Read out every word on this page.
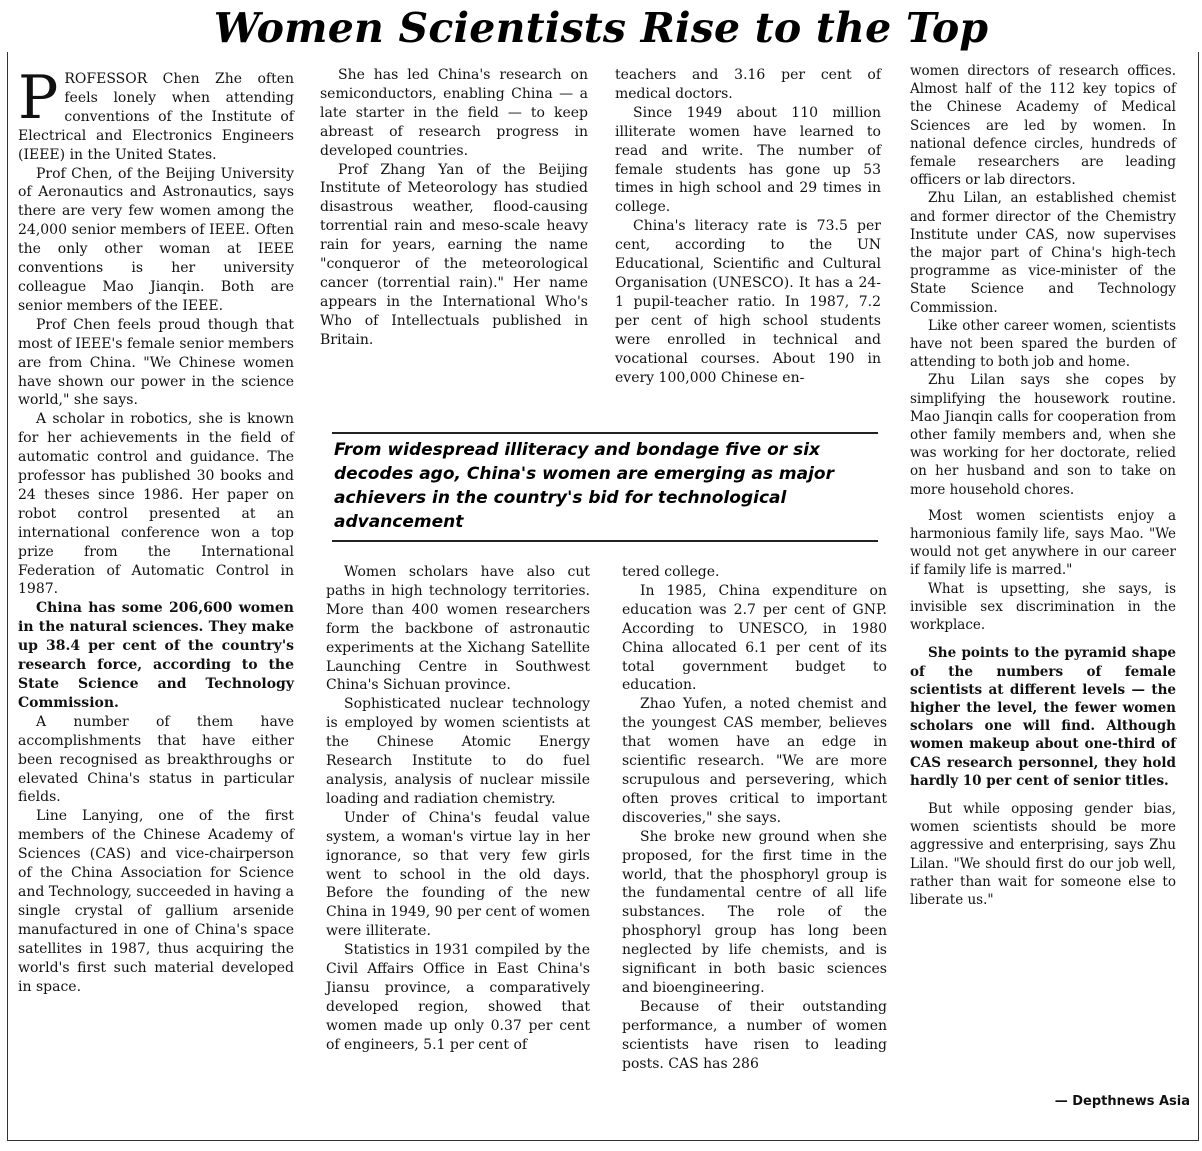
Women Scientists Rise to the Top
P ROFESSOR Chen Zhe often feels lonely when attending conventions of the Institute of Electrical and Electronics Engineers (IEEE) in the United States.

Prof Chen, of the Beijing University of Aeronautics and Astronautics, says there are very few women among the 24,000 senior members of IEEE. Often the only other woman at IEEE conventions is her university colleague Mao Jianqin. Both are senior members of the IEEE.

Prof Chen feels proud though that most of IEEE's female senior members are from China. "We Chinese women have shown our power in the science world," she says.

A scholar in robotics, she is known for her achievements in the field of automatic control and guidance. The professor has published 30 books and 24 theses since 1986. Her paper on robot control presented at an international conference won a top prize from the International Federation of Automatic Control in 1987.

China has some 206,600 women in the natural sciences. They make up 38.4 per cent of the country's research force, according to the State Science and Technology Commission.

A number of them have accomplishments that have either been recognised as breakthroughs or elevated China's status in particular fields.

Line Lanying, one of the first members of the Chinese Academy of Sciences (CAS) and vice-chairperson of the China Association for Science and Technology, succeeded in having a single crystal of gallium arsenide manufactured in one of China's space satellites in 1987, thus acquiring the world's first such material developed in space.

She has led China's research on semiconductors, enabling China — a late starter in the field — to keep abreast of research progress in developed countries.

Prof Zhang Yan of the Beijing Institute of Meteorology has studied disastrous weather, flood-causing torrential rain and meso-scale heavy rain for years, earning the name "conqueror of the meteorological cancer (torrential rain)." Her name appears in the International Who's Who of Intellectuals published in Britain.

teachers and 3.16 per cent of medical doctors.

Since 1949 about 110 million illiterate women have learned to read and write. The number of female students has gone up 53 times in high school and 29 times in college.

China's literacy rate is 73.5 per cent, according to the UN Educational, Scientific and Cultural Organisation (UNESCO). It has a 24-1 pupil-teacher ratio. In 1987, 7.2 per cent of high school students were enrolled in technical and vocational courses. About 190 in every 100,000 Chinese en-

From widespread illiteracy and bondage five or six decodes ago, China's women are emerging as major achievers in the country's bid for technological advancement

women directors of research offices. Almost half of the 112 key topics of the Chinese Academy of Medical Sciences are led by women. In national defence circles, hundreds of female researchers are leading officers or lab directors.

Zhu Lilan, an established chemist and former director of the Chemistry Institute under CAS, now supervises the major part of China's high-tech programme as vice-minister of the State Science and Technology Commission.

Like other career women, scientists have not been spared the burden of attending to both job and home.

Zhu Lilan says she copes by simplifying the housework routine. Mao Jianqin calls for cooperation from other family members and, when she was working for her doctorate, relied on her husband and son to take on more household chores.

Most women scientists enjoy a harmonious family life, says Mao. "We would not get anywhere in our career if family life is marred."

What is upsetting, she says, is invisible sex discrimination in the workplace.

She points to the pyramid shape of the numbers of female scientists at different levels — the higher the level, the fewer women scholars one will find. Although women makeup about one-third of CAS research personnel, they hold hardly 10 per cent of senior titles.

But while opposing gender bias, women scientists should be more aggressive and enterprising, says Zhu Lilan. "We should first do our job well, rather than wait for someone else to liberate us."

Women scholars have also cut paths in high technology territories. More than 400 women researchers form the backbone of astronautic experiments at the Xichang Satellite Launching Centre in Southwest China's Sichuan province.

Sophisticated nuclear technology is employed by women scientists at the Chinese Atomic Energy Research Institute to do fuel analysis, analysis of nuclear missile loading and radiation chemistry.

Under of China's feudal value system, a woman's virtue lay in her ignorance, so that very few girls went to school in the old days. Before the founding of the new China in 1949, 90 per cent of women were illiterate.

Statistics in 1931 compiled by the Civil Affairs Office in East China's Jiansu province, a comparatively developed region, showed that women made up only 0.37 per cent of engineers, 5.1 per cent of

tered college.

In 1985, China expenditure on education was 2.7 per cent of GNP. According to UNESCO, in 1980 China allocated 6.1 per cent of its total government budget to education.

Zhao Yufen, a noted chemist and the youngest CAS member, believes that women have an edge in scientific research. "We are more scrupulous and persevering, which often proves critical to important discoveries," she says.

She broke new ground when she proposed, for the first time in the world, that the phosphoryl group is the fundamental centre of all life substances. The role of the phosphoryl group has long been neglected by life chemists, and is significant in both basic sciences and bioengineering.

Because of their outstanding performance, a number of women scientists have risen to leading posts. CAS has 286

— Depthnews Asia
